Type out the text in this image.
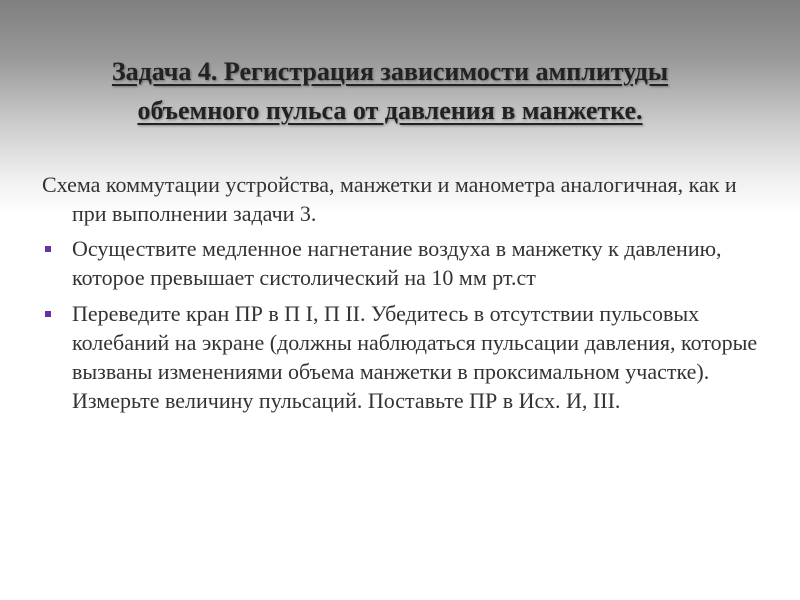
Задача 4. Регистрация зависимости амплитуды
объемного пульса от давления в манжетке.

Схема коммутации устройства, манжетки и манометра аналогичная, как и при выполнении задачи 3.

Осуществите медленное нагнетание воздуха в манжетку к давлению, которое превышает систолический на 10 мм рт.ст
Переведите кран ПР в П I, П II. Убедитесь в отсутствии пульсовых колебаний на экране (должны наблюдаться пульсации давления, которые вызваны изменениями объема манжетки в проксимальном участке). Измерьте величину пульсаций. Поставьте ПР в Исх. И, III.
